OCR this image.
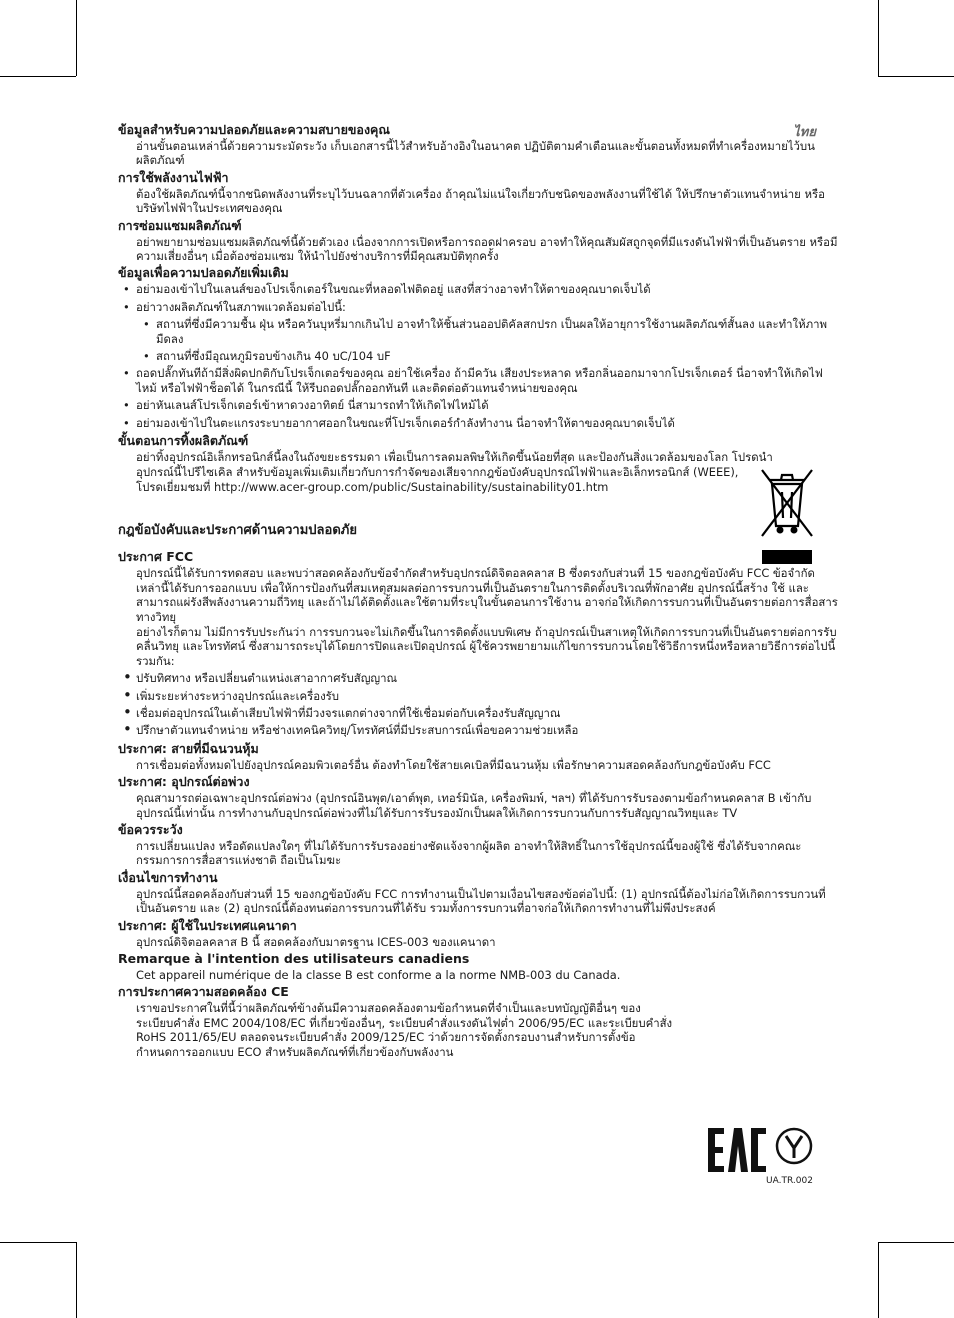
ไทย
ข้อมูลสำหรับความปลอดภัยและความสบายของคุณ

อ่านขั้นตอนเหล่านี้ด้วยความระมัดระวัง เก็บเอกสารนี้ไว้สำหรับอ้างอิงในอนาคต ปฏิบัติตามคำเตือนและขั้นตอนทั้งหมดที่ทำเครื่องหมายไว้บนผลิตภัณฑ์

การใช้พลังงานไฟฟ้า

ต้องใช้ผลิตภัณฑ์นี้จากชนิดพลังงานที่ระบุไว้บนฉลากที่ตัวเครื่อง ถ้าคุณไม่แน่ใจเกี่ยวกับชนิดของพลังงานที่ใช้ได้ ให้ปรึกษาตัวแทนจำหน่าย หรือบริษัทไฟฟ้าในประเทศของคุณ

การซ่อมแซมผลิตภัณฑ์

อย่าพยายามซ่อมแซมผลิตภัณฑ์นี้ด้วยตัวเอง เนื่องจากการเปิดหรือการถอดฝาครอบ อาจทำให้คุณสัมผัสถูกจุดที่มีแรงดันไฟฟ้าที่เป็นอันตราย หรือมีความเสี่ยงอื่นๆ เมื่อต้องซ่อมแซม ให้นำไปยังช่างบริการที่มีคุณสมบัติทุกครั้ง

ข้อมูลเพื่อความปลอดภัยเพิ่มเติม
• อย่ามองเข้าไปในเลนส์ของโปรเจ็กเตอร์ในขณะที่หลอดไฟติดอยู่ แสงที่สว่างอาจทำให้ตาของคุณบาดเจ็บได้
• อย่าวางผลิตภัณฑ์ในสภาพแวดล้อมต่อไปนี้:
• สถานที่ซึ่งมีความชื้น ฝุ่น หรือควันบุหรี่มากเกินไป อาจทำให้ชิ้นส่วนออปติคัลสกปรก เป็นผลให้อายุการใช้งานผลิตภัณฑ์สั้นลง และทำให้ภาพมืดลง
• สถานที่ซึ่งมีอุณหภูมิรอบข้างเกิน 40 บC/104 บF
• ถอดปลั๊กทันทีถ้ามีสิ่งผิดปกติกับโปรเจ็กเตอร์ของคุณ อย่าใช้เครื่อง ถ้ามีควัน เสียงประหลาด หรือกลิ่นออกมาจากโปรเจ็กเตอร์ นี่อาจทำให้เกิดไฟไหม้ หรือไฟฟ้าช็อตได้ ในกรณีนี้ ให้รีบถอดปลั๊กออกทันที และติดต่อตัวแทนจำหน่ายของคุณ
• อย่าหันเลนส์โปรเจ็กเตอร์เข้าหาดวงอาทิตย์ นี่สามารถทำให้เกิดไฟไหม้ได้
• อย่ามองเข้าไปในตะแกรงระบายอากาศออกในขณะที่โปรเจ็กเตอร์กำลังทำงาน นี่อาจทำให้ตาของคุณบาดเจ็บได้
ขั้นตอนการทิ้งผลิตภัณฑ์

อย่าทิ้งอุปกรณ์อิเล็กทรอนิกส์นี้ลงในถังขยะธรรมดา เพื่อเป็นการลดมลพิษให้เกิดขึ้นน้อยที่สุด และป้องกันสิ่งแวดล้อมของโลก โปรดนำอุปกรณ์นี้ไปรีไซเคิล สำหรับข้อมูลเพิ่มเติมเกี่ยวกับการกำจัดของเสียจากกฎข้อบังคับอุปกรณ์ไฟฟ้าและอิเล็กทรอนิกส์ (WEEE),

โปรดเยี่ยมชมที่ http://www.acer-group.com/public/Sustainability/sustainability01.htm

กฎข้อบังคับและประกาศด้านความปลอดภัย
ประกาศ FCC

อุปกรณ์นี้ได้รับการทดสอบ และพบว่าสอดคล้องกับข้อจำกัดสำหรับอุปกรณ์ดิจิตอลคลาส B ซึ่งตรงกับส่วนที่ 15 ของกฎข้อบังคับ FCC ข้อจำกัดเหล่านี้ได้รับการออกแบบ เพื่อให้การป้องกันที่สมเหตุสมผลต่อการรบกวนที่เป็นอันตรายในการติดตั้งบริเวณที่พักอาศัย อุปกรณ์นี้สร้าง ใช้ และสามารถแผ่รังสีพลังงานความถี่วิทยุ และถ้าไม่ได้ติดตั้งและใช้ตามที่ระบุในขั้นตอนการใช้งาน อาจก่อให้เกิดการรบกวนที่เป็นอันตรายต่อการสื่อสารทางวิทยุ

อย่างไรก็ตาม ไม่มีการรับประกันว่า การรบกวนจะไม่เกิดขึ้นในการติดตั้งแบบพิเศษ ถ้าอุปกรณ์เป็นสาเหตุให้เกิดการรบกวนที่เป็นอันตรายต่อการรับคลื่นวิทยุ และโทรทัศน์ ซึ่งสามารถระบุได้โดยการปิดและเปิดอุปกรณ์ ผู้ใช้ควรพยายามแก้ไขการรบกวนโดยใช้วิธีการหนึ่งหรือหลายวิธีการต่อไปนี้รวมกัน:

• ปรับทิศทาง หรือเปลี่ยนตำแหน่งเสาอากาศรับสัญญาณ
• เพิ่มระยะห่างระหว่างอุปกรณ์และเครื่องรับ
• เชื่อมต่ออุปกรณ์ในเต้าเสียบไฟฟ้าที่มีวงจรแตกต่างจากที่ใช้เชื่อมต่อกับเครื่องรับสัญญาณ
• ปรึกษาตัวแทนจำหน่าย หรือช่างเทคนิควิทยุ/โทรทัศน์ที่มีประสบการณ์เพื่อขอความช่วยเหลือ
ประกาศ: สายที่มีฉนวนหุ้ม

การเชื่อมต่อทั้งหมดไปยังอุปกรณ์คอมพิวเตอร์อื่น ต้องทำโดยใช้สายเคเบิลที่มีฉนวนหุ้ม เพื่อรักษาความสอดคล้องกับกฎข้อบังคับ FCC

ประกาศ: อุปกรณ์ต่อพ่วง

คุณสามารถต่อเฉพาะอุปกรณ์ต่อพ่วง (อุปกรณ์อินพุต/เอาต์พุต, เทอร์มินัล, เครื่องพิมพ์, ฯลฯ) ที่ได้รับการรับรองตามข้อกำหนดคลาส B เข้ากับอุปกรณ์นี้เท่านั้น การทำงานกับอุปกรณ์ต่อพ่วงที่ไม่ได้รับการรับรองมักเป็นผลให้เกิดการรบกวนกับการรับสัญญาณวิทยุและ TV

ข้อควรระวัง

การเปลี่ยนแปลง หรือดัดแปลงใดๆ ที่ไม่ได้รับการรับรองอย่างชัดแจ้งจากผู้ผลิต อาจทำให้สิทธิ์ในการใช้อุปกรณ์นี้ของผู้ใช้ ซึ่งได้รับจากคณะกรรมการการสื่อสารแห่งชาติ ถือเป็นโมฆะ

เงื่อนไขการทำงาน

อุปกรณ์นี้สอดคล้องกับส่วนที่ 15 ของกฎข้อบังคับ FCC การทำงานเป็นไปตามเงื่อนไขสองข้อต่อไปนี้: (1) อุปกรณ์นี้ต้องไม่ก่อให้เกิดการรบกวนที่เป็นอันตราย และ (2) อุปกรณ์นี้ต้องทนต่อการรบกวนที่ได้รับ รวมทั้งการรบกวนที่อาจก่อให้เกิดการทำงานที่ไม่พึงประสงค์

ประกาศ: ผู้ใช้ในประเทศแคนาดา

อุปกรณ์ดิจิตอลคลาส B นี้ สอดคล้องกับมาตรฐาน ICES-003 ของแคนาดา

Remarque à l'intention des utilisateurs canadiens

Cet appareil numérique de la classe B est conforme a la norme NMB-003 du Canada.

การประกาศความสอดคล้อง CE

เราขอประกาศในที่นี้ว่าผลิตภัณฑ์ข้างต้นมีความสอดคล้องตามข้อกำหนดที่จำเป็นและบทบัญญัติอื่นๆ ของระเบียบคำสั่ง EMC 2004/108/EC ที่เกี่ยวข้องอื่นๆ, ระเบียบคำสั่งแรงดันไฟต่ำ 2006/95/EC และระเบียบคำสั่ง RoHS 2011/65/EU ตลอดจนระเบียบคำสั่ง 2009/125/EC ว่าด้วยการจัดตั้งกรอบงานสำหรับการตั้งข้อกำหนดการออกแบบ ECO สำหรับผลิตภัณฑ์ที่เกี่ยวข้องกับพลังงาน

UA.TR.002
